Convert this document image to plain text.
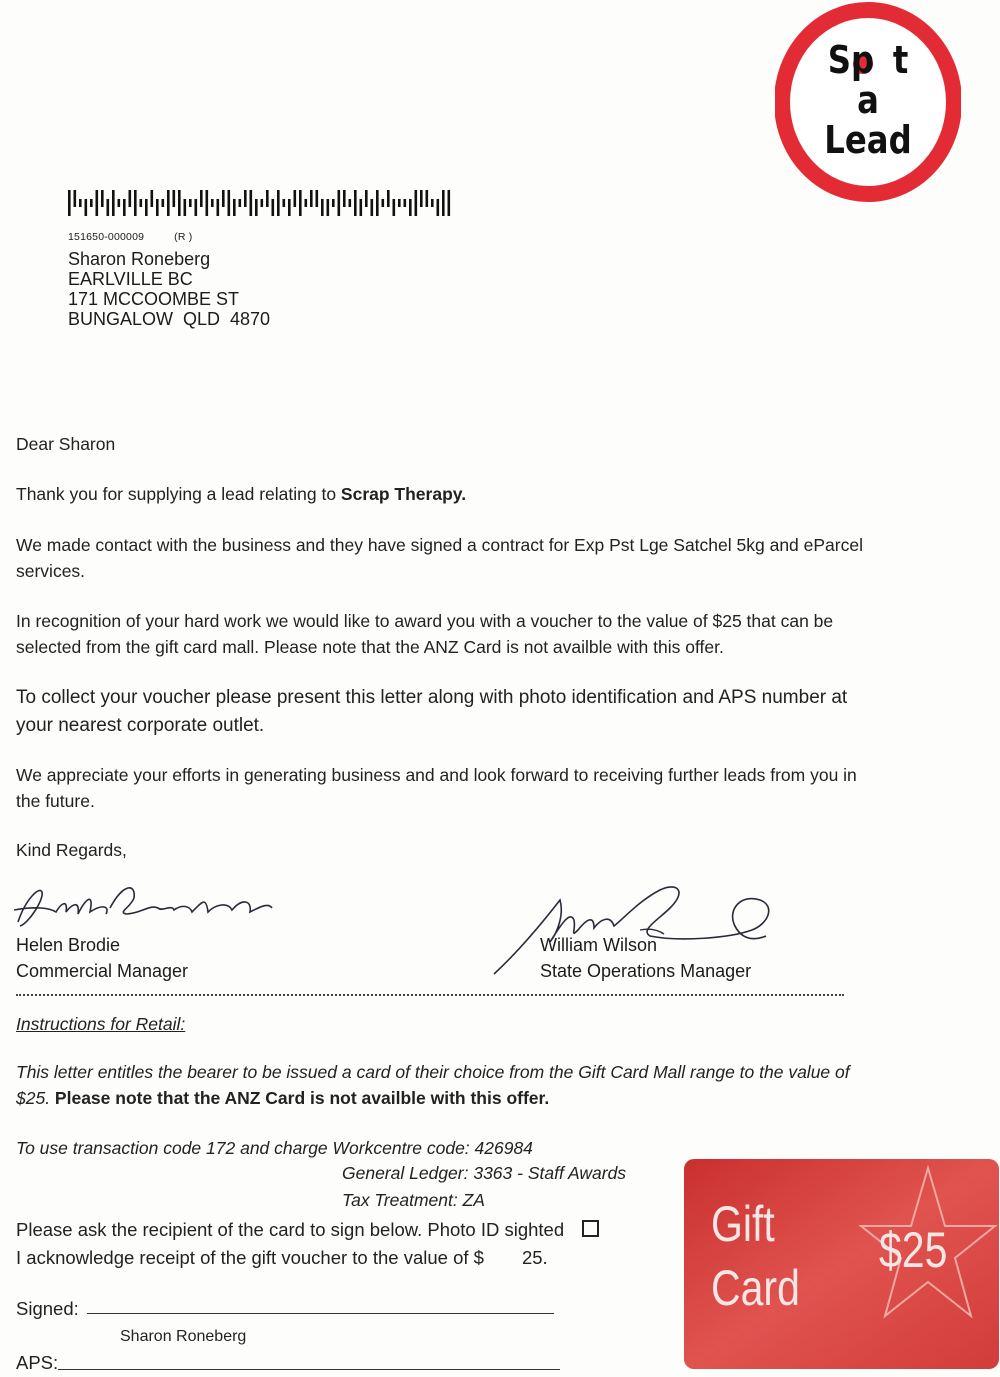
Sp t
a
Lead
151650-000009	(R )
Sharon Roneberg
EARLVILLE BC
171 MCCOOMBE ST
BUNGALOW  QLD  4870
Dear Sharon
Thank you for supplying a lead relating to Scrap Therapy.
We made contact with the business and they have signed a contract for Exp Pst Lge Satchel 5kg and eParcel
services.
In recognition of your hard work we would like to award you with a voucher to the value of $25 that can be
selected from the gift card mall. Please note that the ANZ Card is not availble with this offer.
To collect your voucher please present this letter along with photo identification and APS number at
your nearest corporate outlet.
We appreciate your efforts in generating business and and look forward to receiving further leads from you in
the future.
Kind Regards,
Helen Brodie
Commercial Manager
William Wilson
State Operations Manager
Instructions for Retail:
This letter entitles the bearer to be issued a card of their choice from the Gift Card Mall range to the value of
$25. Please note that the ANZ Card is not availble with this offer.
To use transaction code 172 and charge Workcentre code: 426984
General Ledger: 3363 - Staff Awards
Tax Treatment: ZA
Please ask the recipient of the card to sign below. Photo ID sighted
I acknowledge receipt of the gift voucher to the value of $ 25.
Signed:
Sharon Roneberg
APS:
Gift
Card
$25
